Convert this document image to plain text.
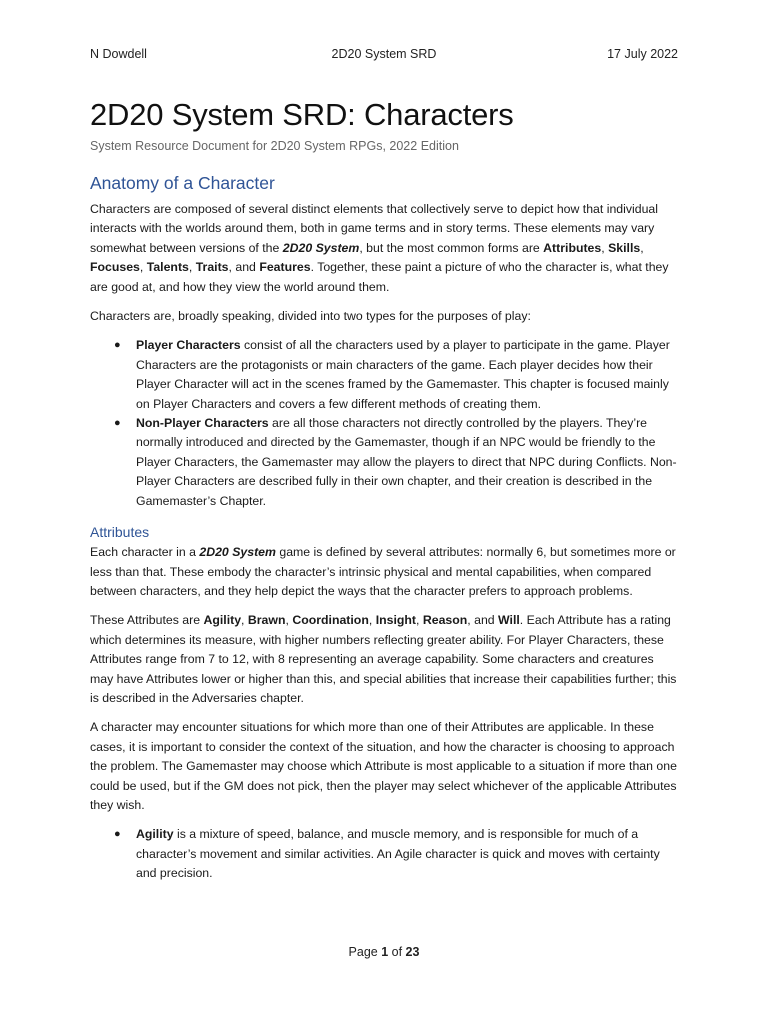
N Dowdell	2D20 System SRD	17 July 2022
2D20 System SRD: Characters
System Resource Document for 2D20 System RPGs, 2022 Edition
Anatomy of a Character

Characters are composed of several distinct elements that collectively serve to depict how that individual interacts with the worlds around them, both in game terms and in story terms. These elements may vary somewhat between versions of the 2D20 System, but the most common forms are Attributes, Skills, Focuses, Talents, Traits, and Features. Together, these paint a picture of who the character is, what they are good at, and how they view the world around them.

Characters are, broadly speaking, divided into two types for the purposes of play:

● Player Characters consist of all the characters used by a player to participate in the game. Player Characters are the protagonists or main characters of the game. Each player decides how their Player Character will act in the scenes framed by the Gamemaster. This chapter is focused mainly on Player Characters and covers a few different methods of creating them.
● Non-Player Characters are all those characters not directly controlled by the players. They’re normally introduced and directed by the Gamemaster, though if an NPC would be friendly to the Player Characters, the Gamemaster may allow the players to direct that NPC during Conflicts. Non-Player Characters are described fully in their own chapter, and their creation is described in the Gamemaster’s Chapter.
Attributes

Each character in a 2D20 System game is defined by several attributes: normally 6, but sometimes more or less than that. These embody the character’s intrinsic physical and mental capabilities, when compared between characters, and they help depict the ways that the character prefers to approach problems.

These Attributes are Agility, Brawn, Coordination, Insight, Reason, and Will. Each Attribute has a rating which determines its measure, with higher numbers reflecting greater ability. For Player Characters, these Attributes range from 7 to 12, with 8 representing an average capability. Some characters and creatures may have Attributes lower or higher than this, and special abilities that increase their capabilities further; this is described in the Adversaries chapter.

A character may encounter situations for which more than one of their Attributes are applicable. In these cases, it is important to consider the context of the situation, and how the character is choosing to approach the problem. The Gamemaster may choose which Attribute is most applicable to a situation if more than one could be used, but if the GM does not pick, then the player may select whichever of the applicable Attributes they wish.

● Agility is a mixture of speed, balance, and muscle memory, and is responsible for much of a character’s movement and similar activities. An Agile character is quick and moves with certainty and precision.
Page 1 of 23
